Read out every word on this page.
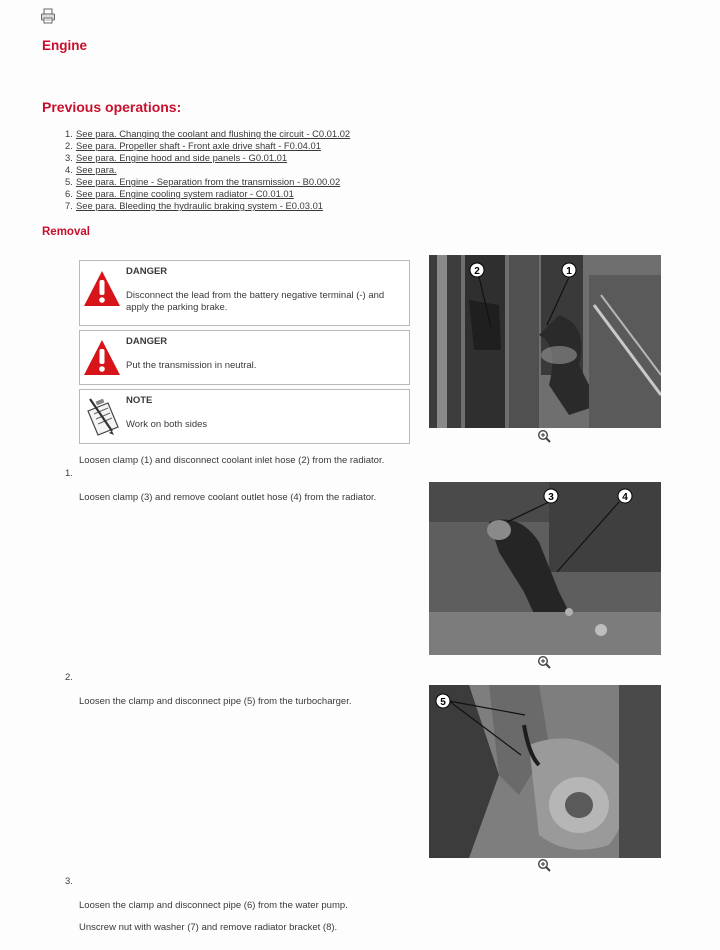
Engine
Previous operations:
1. See para. Changing the coolant and flushing the circuit - C0.01.02
2. See para. Propeller shaft - Front axle drive shaft - F0.04.01
3. See para. Engine hood and side panels - G0.01.01
4. See para.
5. See para. Engine - Separation from the transmission - B0.00.02
6. See para. Engine cooling system radiator - C0.01.01
7. See para. Bleeding the hydraulic braking system - E0.03.01
Removal
DANGER
Disconnect the lead from the battery negative terminal (-) and apply the parking brake.
DANGER
Put the transmission in neutral.
NOTE
Work on both sides
Loosen clamp (1) and disconnect coolant inlet hose (2) from the radiator.
1.
Loosen clamp (3) and remove coolant outlet hose (4) from the radiator.
2	1
3	4
2.
Loosen the clamp and disconnect pipe (5) from the turbocharger.	5
3.
Loosen the clamp and disconnect pipe (6) from the water pump.
Unscrew nut with washer (7) and remove radiator bracket (8).
